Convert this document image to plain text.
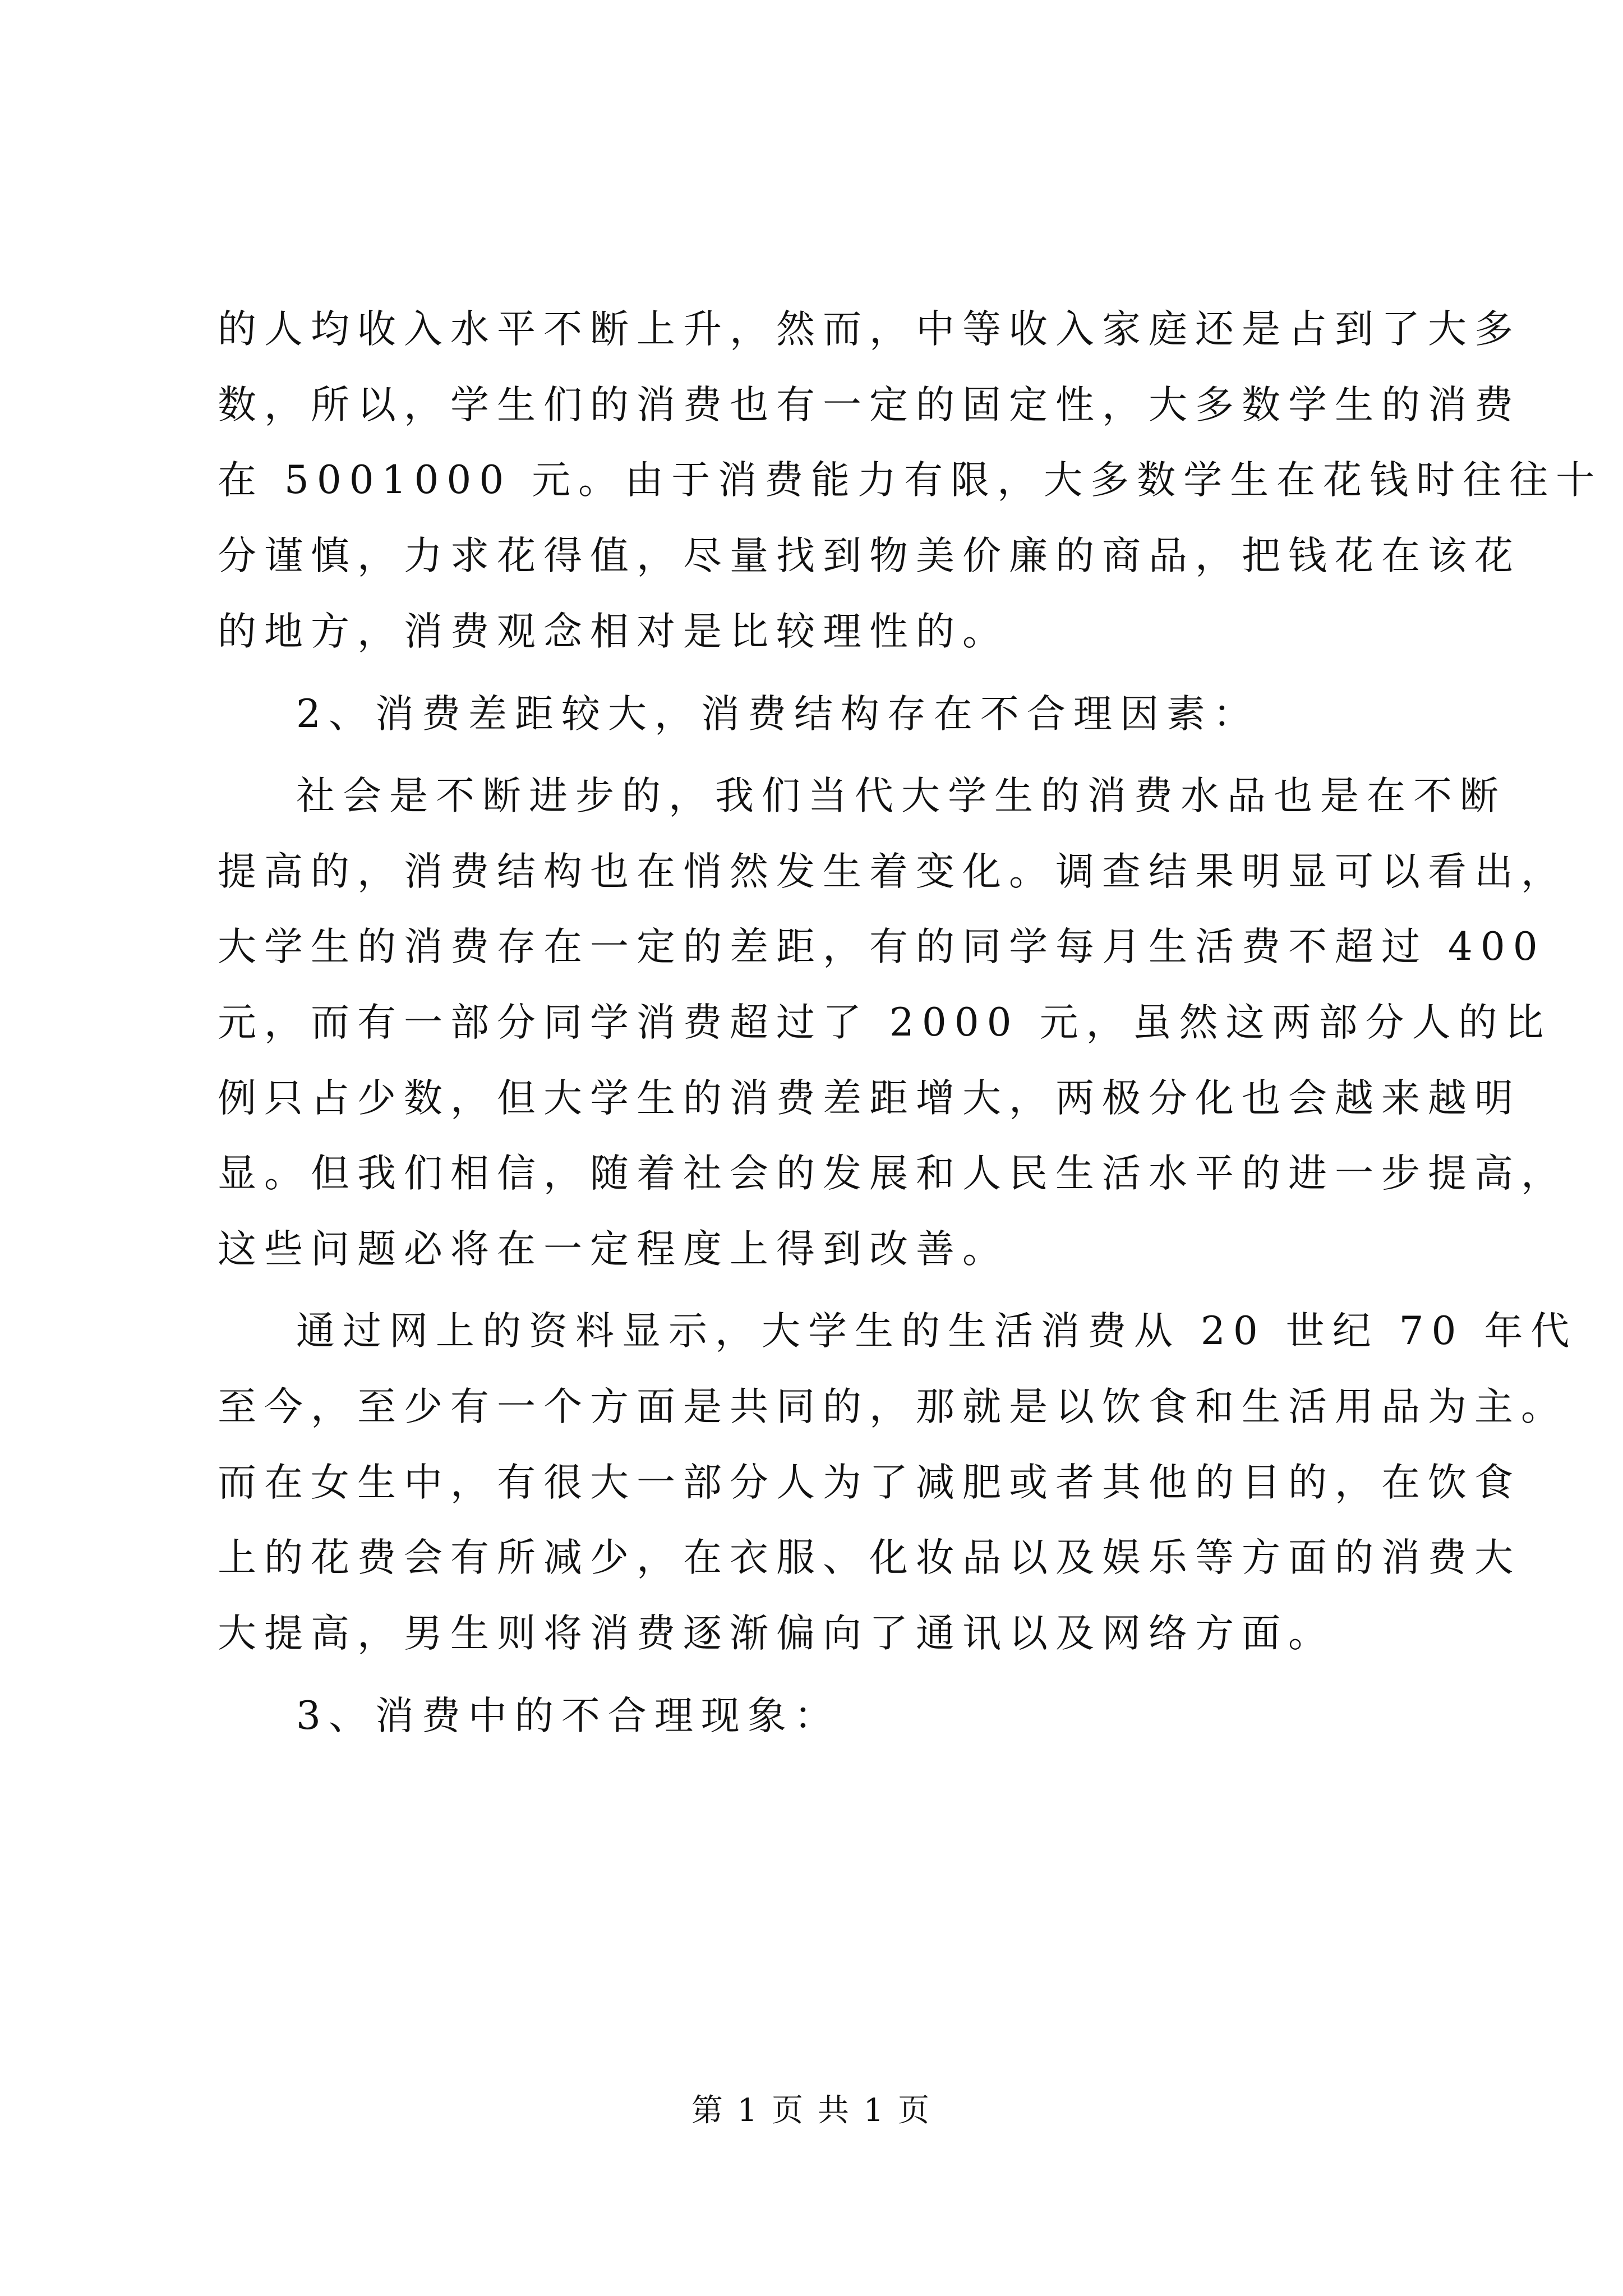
的人均收入水平不断上升，然而，中等收入家庭还是占到了大多
数，所以，学生们的消费也有一定的固定性，大多数学生的消费
在 5001000 元。由于消费能力有限，大多数学生在花钱时往往十
分谨慎，力求花得值，尽量找到物美价廉的商品，把钱花在该花
的地方，消费观念相对是比较理性的。
2、消费差距较大，消费结构存在不合理因素：
社会是不断进步的，我们当代大学生的消费水品也是在不断
提高的，消费结构也在悄然发生着变化。调查结果明显可以看出，
大学生的消费存在一定的差距，有的同学每月生活费不超过 400
元，而有一部分同学消费超过了 2000 元，虽然这两部分人的比
例只占少数，但大学生的消费差距增大，两极分化也会越来越明
显。但我们相信，随着社会的发展和人民生活水平的进一步提高，
这些问题必将在一定程度上得到改善。
通过网上的资料显示，大学生的生活消费从 20 世纪 70 年代
至今，至少有一个方面是共同的，那就是以饮食和生活用品为主。
而在女生中，有很大一部分人为了减肥或者其他的目的，在饮食
上的花费会有所减少，在衣服、化妆品以及娱乐等方面的消费大
大提高，男生则将消费逐渐偏向了通讯以及网络方面。
3、消费中的不合理现象：
第 1 页 共 1 页
